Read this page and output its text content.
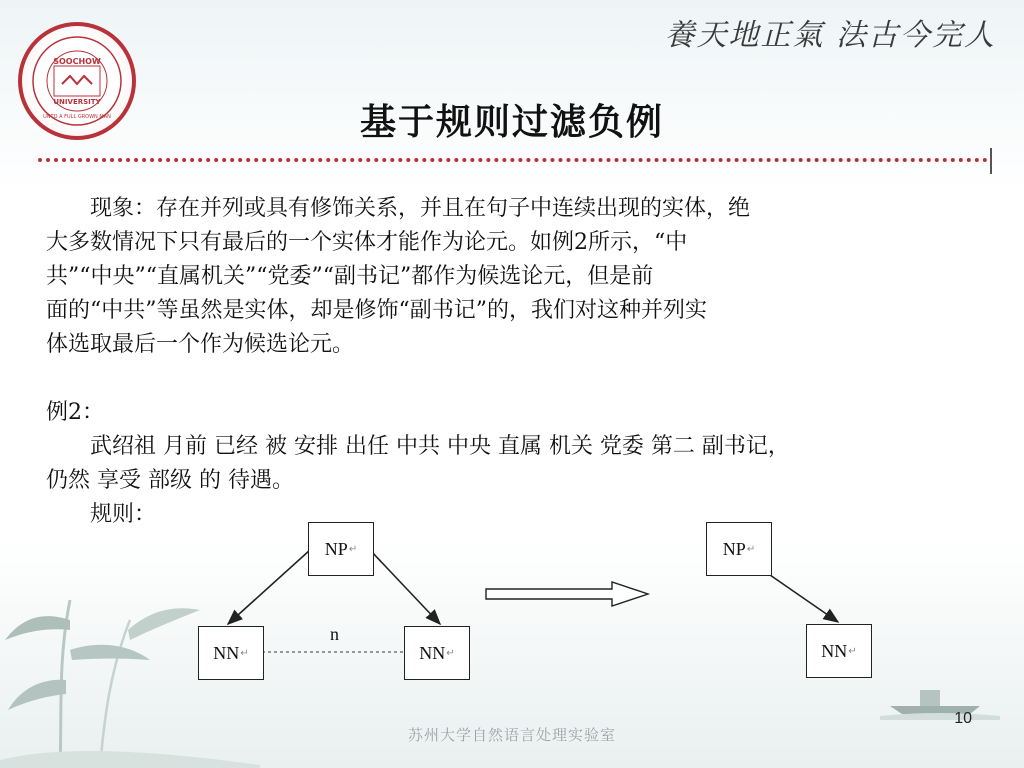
SOOCHOW
UNIVERSITY
UNTO A FULL GROWN MAN
養天地正氣 法古今完人
基于规则过滤负例

现象：存在并列或具有修饰关系，并且在句子中连续出现的实体，绝

大多数情况下只有最后的一个实体才能作为论元。如例2所示，“中

共”“中央”“直属机关”“党委”“副书记”都作为候选论元，但是前

面的“中共”等虽然是实体，却是修饰“副书记”的，我们对这种并列实

体选取最后一个作为候选论元。

例2：

武绍祖 月前 已经 被 安排 出任 中共 中央 直属 机关 党委 第二 副书记，

仍然 享受 部级 的 待遇。

规则：

NP ↵
NN ↵	NN ↵
n
NP ↵
NN ↵
苏州大学自然语言处理实验室
10
